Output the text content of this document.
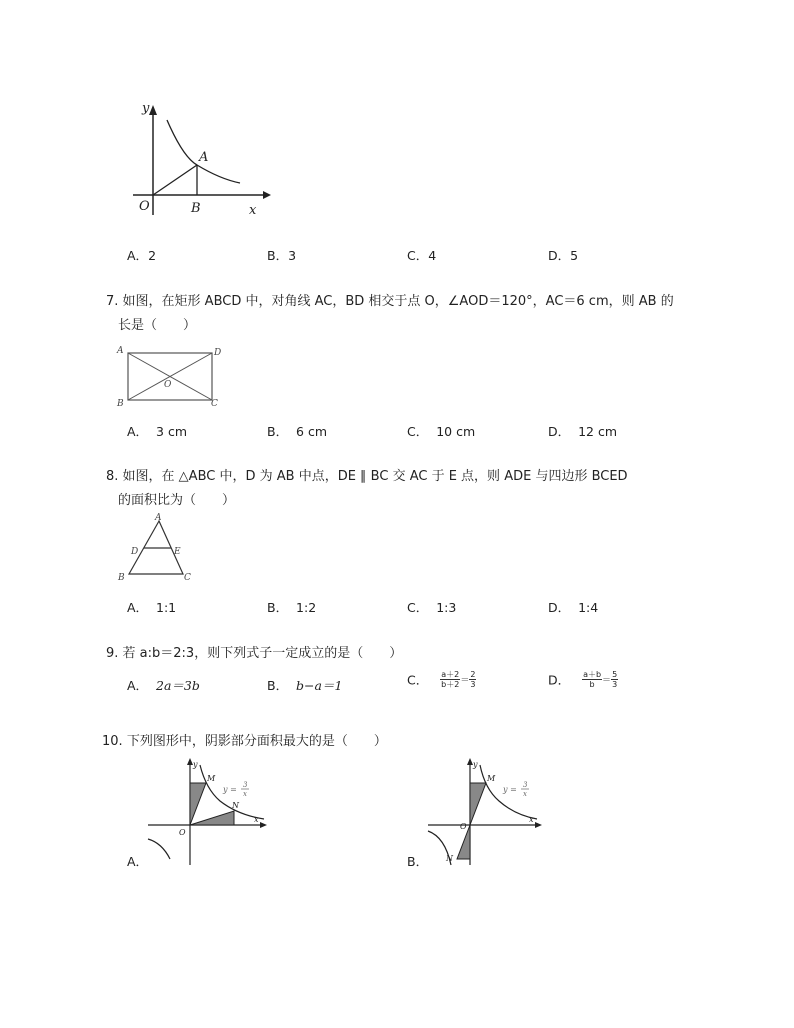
y
A
O	B	x
A．2	B．3	C．4	D．5
7. 如图，在矩形 ABCD 中，对角线 AC，BD 相交于点 O，∠AOD＝120°，AC＝6 cm，则 AB 的
长是（　　）
A	D
O
B	C
A． 3 cm	B． 6 cm	C． 10 cm	D． 12 cm
8. 如图，在 △ABC 中，D 为 AB 中点，DE ∥ BC 交 AC 于 E 点，则 ADE 与四边形 BCED
的面积比为（　　）
A
D	E
B	C
A． 1:1	B． 1:2	C． 1:3	D． 1:4
9. 若 a:b＝2:3，则下列式子一定成立的是（　　）
A． 2a＝3b	B． b−a＝1	C． $\frac{a+2}{b+2} = \frac{2}{3}$	D． $\frac{a+b}{b} = \frac{5}{3}$
10. 下列图形中，阴影部分面积最大的是（　　）
y
M
N
O
x
y = 3
x
A．
y
M
N
O
x
y = 3
x
B．
